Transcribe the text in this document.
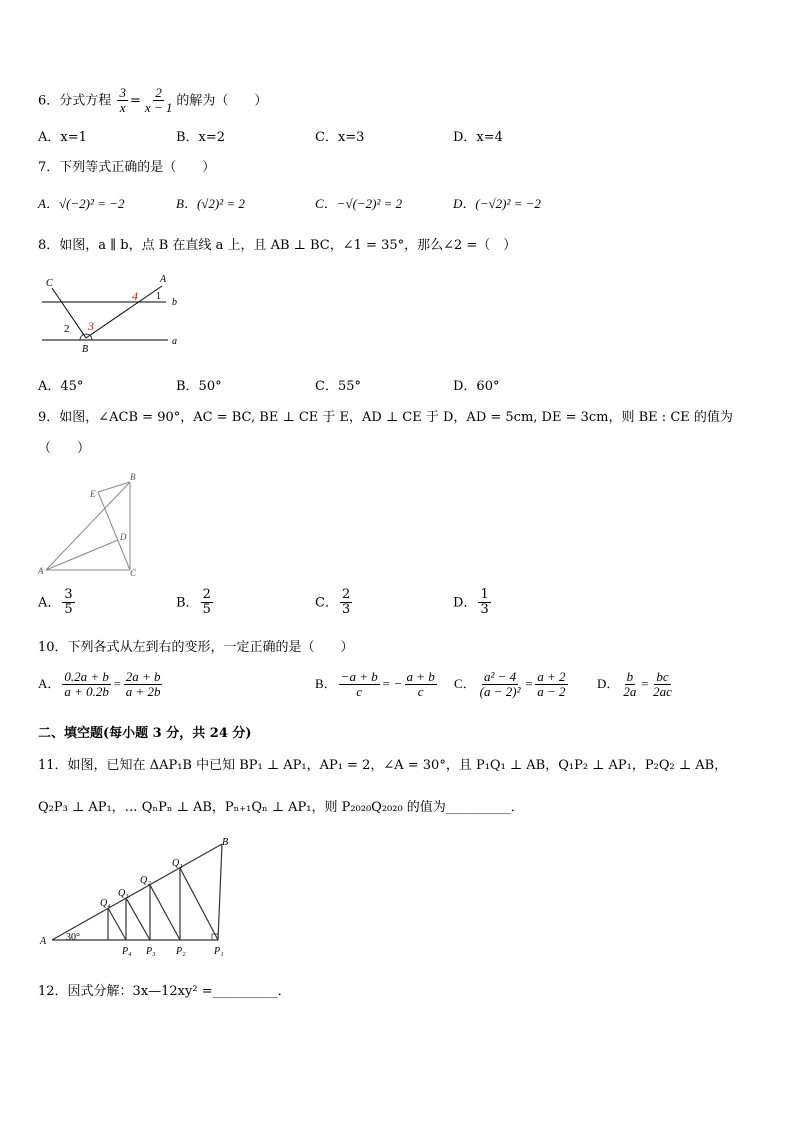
6．分式方程 $\frac{3}{x} = \frac{2}{x - 1}$ 的解为（　　）
A．x=1	B．x=2	C．x=3	D．x=4
7．下列等式正确的是（　　）
A．√(−2)² = −2	B．(√2)² = 2	C．−√(−2)² = 2	D．(−√2)² = −2
8．如图，a ∥ b，点 B 在直线 a 上，且 AB ⊥ BC，∠1 = 35°，那么∠2 =（　）
C	A
b
a
B
1
2 3
4
A．45°	B．50°	C．55°	D．60°
9．如图，∠ACB = 90°，AC = BC, BE ⊥ CE 于 E，AD ⊥ CE 于 D，AD = 5cm, DE = 3cm，则 BE : CE 的值为
（　　）
B
E
D
A	C
A． $\frac{3}{5}$	B． $\frac{2}{5}$	C． $\frac{2}{3}$	D． $\frac{1}{3}$
10．下列各式从左到右的变形，一定正确的是（　　）
A． $\frac{0.2a + b}{a + 0.2b} = \frac{2a + b}{a + 2b}$	B． $\frac{-a + b}{c}$ = − $\frac{a + b}{c}$ C． $\frac{\text{a² − 4}}{\text{(a − 2)²}} = \frac{a + 2}{a - 2}$ D． $\frac{b}{2a} = \frac{bc}{2ac}$
二、填空题(每小题 3 分，共 24 分)
11．如图，已知在 ΔAP₁B 中已知 BP₁ ⊥ AP₁，AP₁ = 2，∠A = 30°，且 P₁Q₁ ⊥ AB，Q₁P₂ ⊥ AP₁，P₂Q₂ ⊥ AB，
Q₂P₃ ⊥ AP₁，… QₙPₙ ⊥ AB，Pₙ₊₁Qₙ ⊥ AP₁，则 P₂₀₂₀Q₂₀₂₀ 的值为__________．
B
Q₁
Q₂
Q₃
Q₄
A 30°
P₄ P₃ P₂	P₁
12．因式分解：3x—12xy² =__________．
